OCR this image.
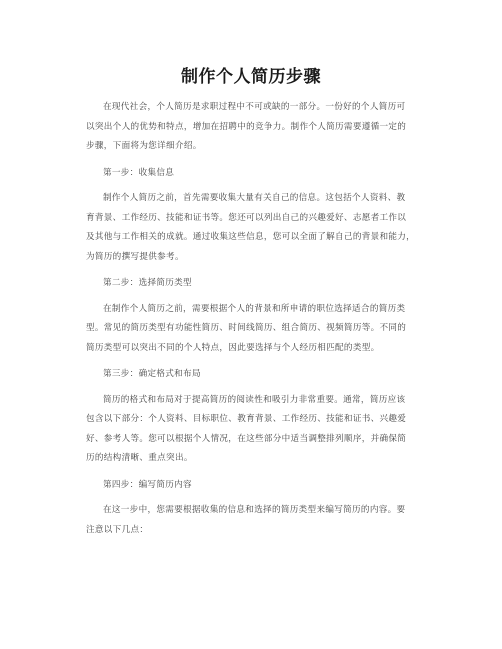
制作个人简历步骤
在现代社会，个人简历是求职过程中不可或缺的一部分。一份好的个人简历可
以突出个人的优势和特点，增加在招聘中的竞争力。制作个人简历需要遵循一定的
步骤，下面将为您详细介绍。
第一步：收集信息
制作个人简历之前，首先需要收集大量有关自己的信息。这包括个人资料、教
育背景、工作经历、技能和证书等。您还可以列出自己的兴趣爱好、志愿者工作以
及其他与工作相关的成就。通过收集这些信息，您可以全面了解自己的背景和能力，
为简历的撰写提供参考。
第二步：选择简历类型
在制作个人简历之前，需要根据个人的背景和所申请的职位选择适合的简历类
型。常见的简历类型有功能性简历、时间线简历、组合简历、视频简历等。不同的
简历类型可以突出不同的个人特点，因此要选择与个人经历相匹配的类型。
第三步：确定格式和布局
简历的格式和布局对于提高简历的阅读性和吸引力非常重要。通常，简历应该
包含以下部分：个人资料、目标职位、教育背景、工作经历、技能和证书、兴趣爱
好、参考人等。您可以根据个人情况，在这些部分中适当调整排列顺序，并确保简
历的结构清晰、重点突出。
第四步：编写简历内容
在这一步中，您需要根据收集的信息和选择的简历类型来编写简历的内容。要
注意以下几点：
